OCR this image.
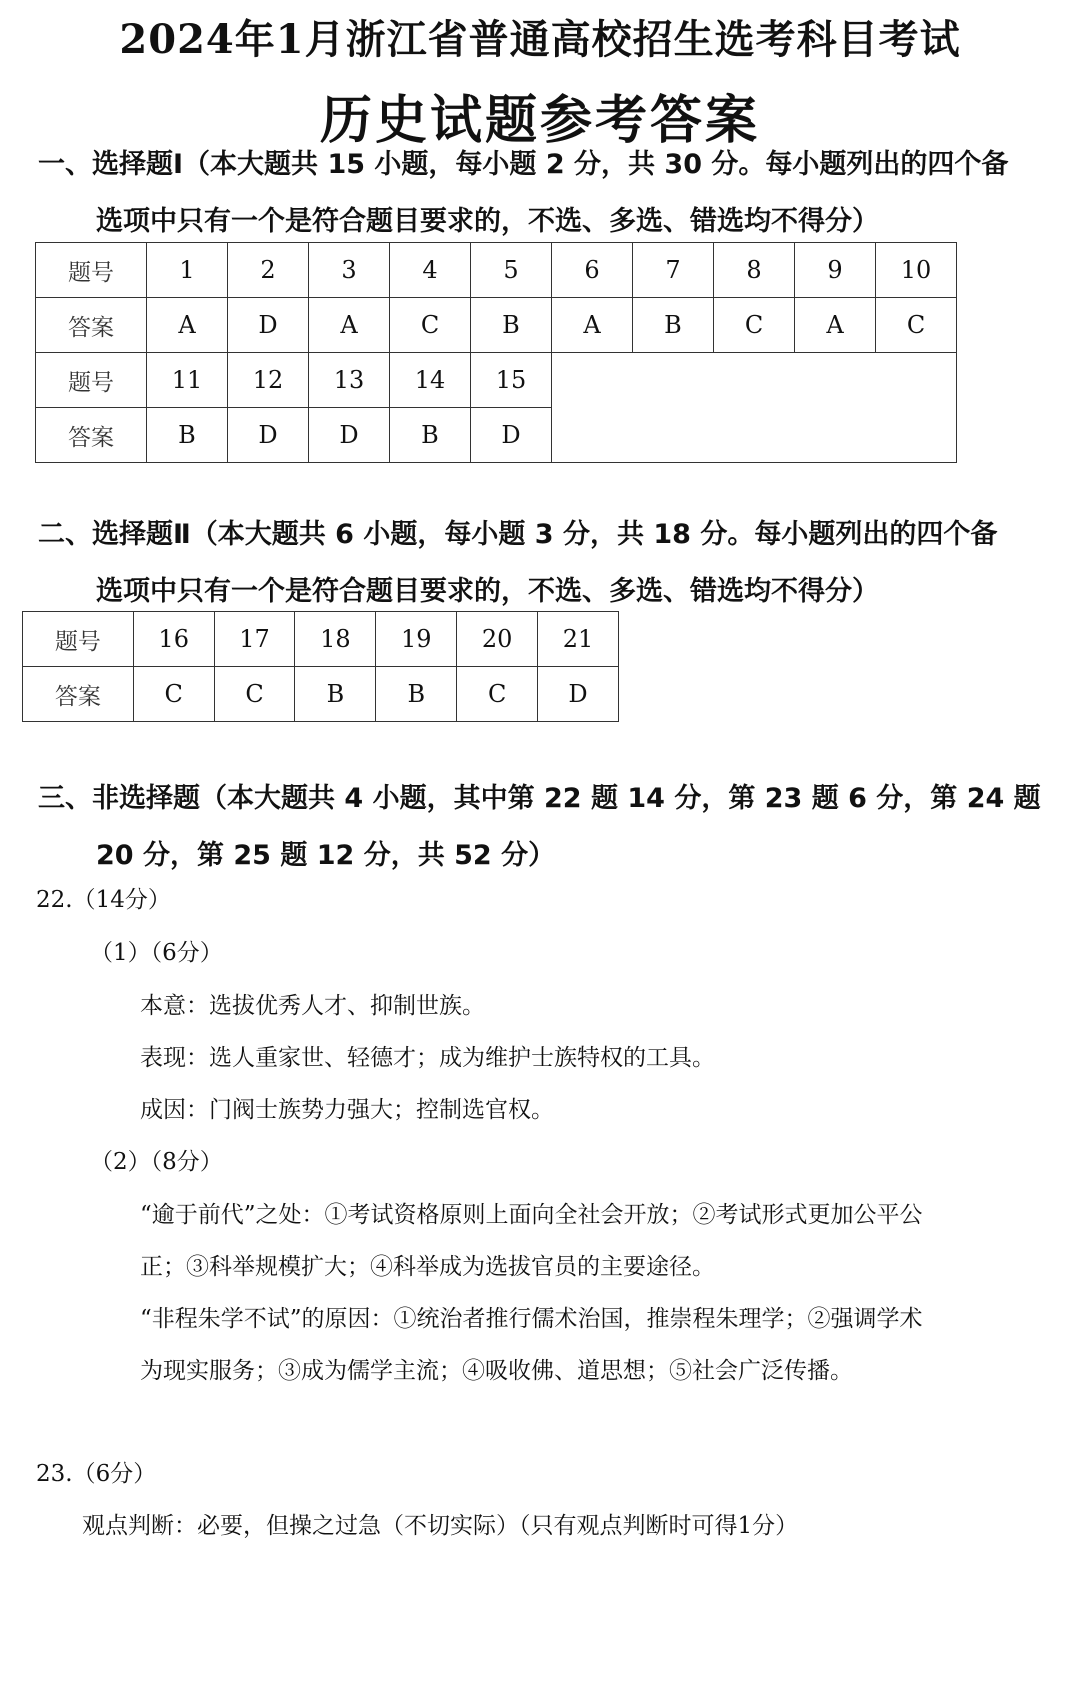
2024年1月浙江省普通高校招生选考科目考试
历史试题参考答案
一、选择题Ⅰ（本大题共 15 小题，每小题 2 分，共 30 分。每小题列出的四个备
选项中只有一个是符合题目要求的，不选、多选、错选均不得分）
题号	1	2	3	4	5	6	7	8	9	10
答案	A	D	A	C	B	A	B	C	A	C
题号	11	12	13	14	15					
答案	B	D	D	B	D					
二、选择题Ⅱ（本大题共 6 小题，每小题 3 分，共 18 分。每小题列出的四个备
选项中只有一个是符合题目要求的，不选、多选、错选均不得分）
题号	16	17	18	19	20	21
答案	C	C	B	B	C	D
三、非选择题（本大题共 4 小题，其中第 22 题 14 分，第 23 题 6 分，第 24 题
20 分，第 25 题 12 分，共 52 分）
22.（14分）
（1）（6分）
本意：选拔优秀人才、抑制世族。
表现：选人重家世、轻德才；成为维护士族特权的工具。
成因：门阀士族势力强大；控制选官权。
（2）（8分）
“逾于前代”之处：①考试资格原则上面向全社会开放；②考试形式更加公平公
正；③科举规模扩大；④科举成为选拔官员的主要途径。
“非程朱学不试”的原因：①统治者推行儒术治国，推崇程朱理学；②强调学术
为现实服务；③成为儒学主流；④吸收佛、道思想；⑤社会广泛传播。
23.（6分）
观点判断：必要，但操之过急（不切实际）（只有观点判断时可得1分）
